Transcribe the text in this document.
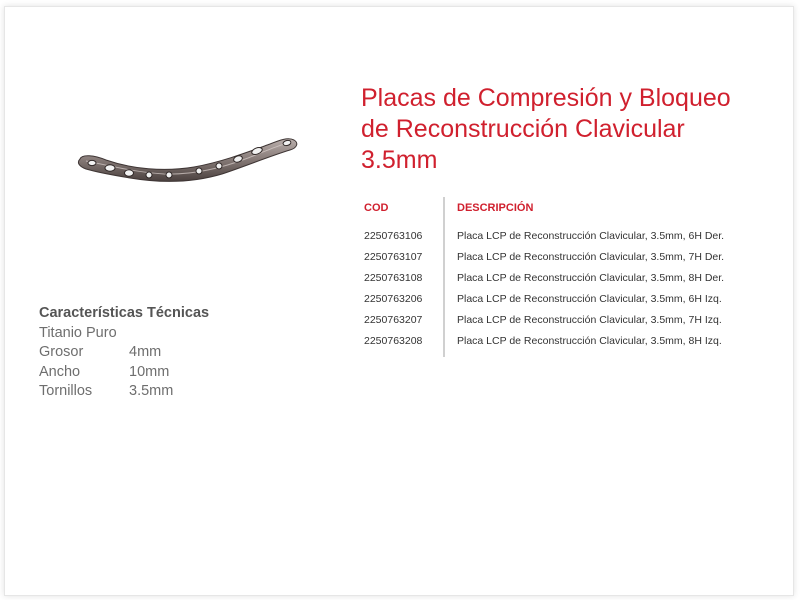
Placas de Compresión y Bloqueo
de Reconstrucción Clavicular
3.5mm
COD	DESCRIPCIÓN
2250763106	Placa LCP de Reconstrucción Clavicular, 3.5mm, 6H Der.
2250763107	Placa LCP de Reconstrucción Clavicular, 3.5mm, 7H Der.
2250763108	Placa LCP de Reconstrucción Clavicular, 3.5mm, 8H Der.
2250763206	Placa LCP de Reconstrucción Clavicular, 3.5mm, 6H Izq.
2250763207	Placa LCP de Reconstrucción Clavicular, 3.5mm, 7H Izq.
2250763208	Placa LCP de Reconstrucción Clavicular, 3.5mm, 8H Izq.
Características Técnicas
Titanio Puro
Grosor	4mm
Ancho	10mm
Tornillos	3.5mm
